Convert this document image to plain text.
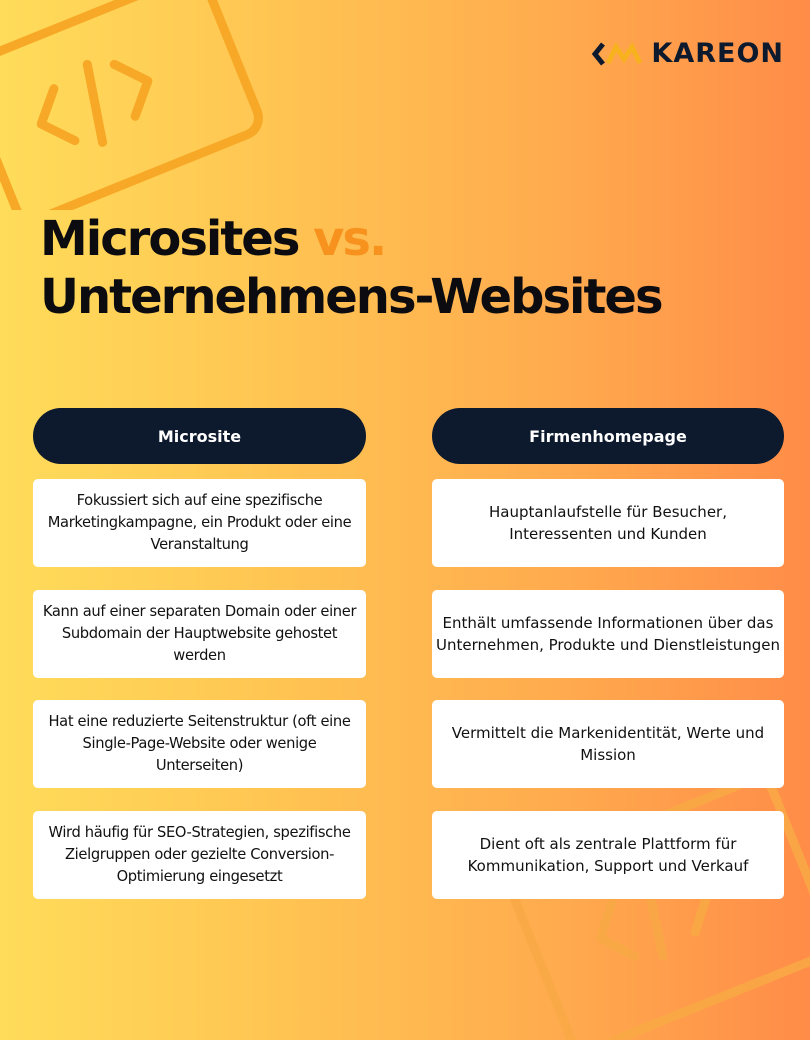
KAREON
Microsites vs.
Unternehmens-Websites
Microsite
Fokussiert sich auf eine spezifische Marketingkampagne, ein Produkt oder eine Veranstaltung
Kann auf einer separaten Domain oder einer Subdomain der Hauptwebsite gehostet werden
Hat eine reduzierte Seitenstruktur (oft eine Single-Page-Website oder wenige Unterseiten)
Wird häufig für SEO-Strategien, spezifische Zielgruppen oder gezielte Conversion-Optimierung eingesetzt
Firmenhomepage
Hauptanlaufstelle für Besucher, Interessenten und Kunden
Enthält umfassende Informationen über das Unternehmen, Produkte und Dienstleistungen
Vermittelt die Markenidentität, Werte und Mission
Dient oft als zentrale Plattform für Kommunikation, Support und Verkauf
